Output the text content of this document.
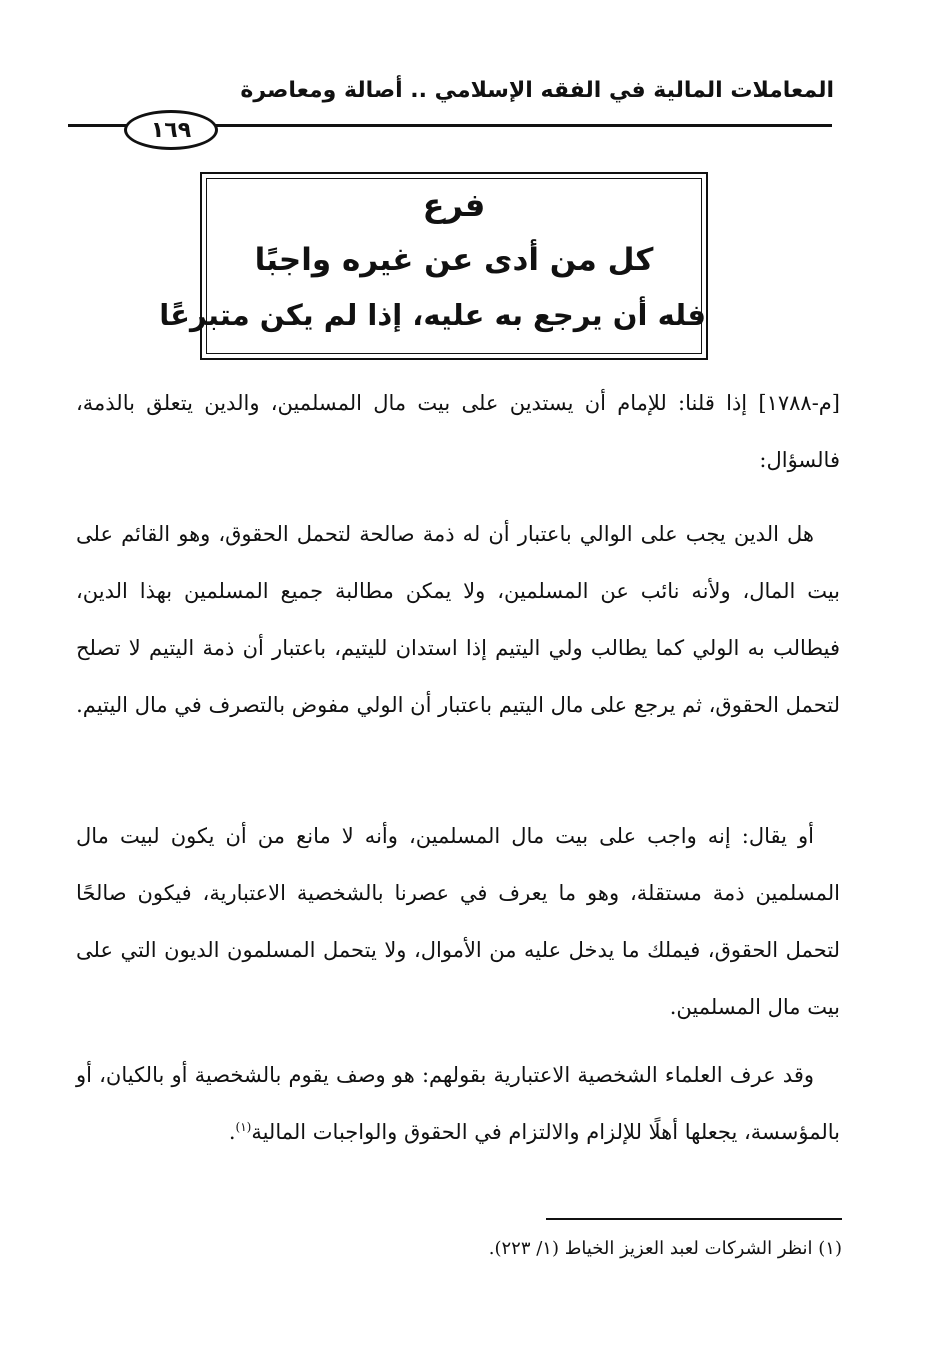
المعاملات المالية في الفقه الإسلامي .. أصالة ومعاصرة
١٦٩
فرع
كل من أدى عن غيره واجبًا
فله أن يرجع به عليه، إذا لم يكن متبرعًا
[م-١٧٨٨] إذا قلنا: للإمام أن يستدين على بيت مال المسلمين، والدين يتعلق بالذمة، فالسؤال:
هل الدين يجب على الوالي باعتبار أن له ذمة صالحة لتحمل الحقوق، وهو القائم على بيت المال، ولأنه نائب عن المسلمين، ولا يمكن مطالبة جميع المسلمين بهذا الدين، فيطالب به الولي كما يطالب ولي اليتيم إذا استدان لليتيم، باعتبار أن ذمة اليتيم لا تصلح لتحمل الحقوق، ثم يرجع على مال اليتيم باعتبار أن الولي مفوض بالتصرف في مال اليتيم.
أو يقال: إنه واجب على بيت مال المسلمين، وأنه لا مانع من أن يكون لبيت مال المسلمين ذمة مستقلة، وهو ما يعرف في عصرنا بالشخصية الاعتبارية، فيكون صالحًا لتحمل الحقوق، فيملك ما يدخل عليه من الأموال، ولا يتحمل المسلمون الديون التي على بيت مال المسلمين.
وقد عرف العلماء الشخصية الاعتبارية بقولهم: هو وصف يقوم بالشخصية أو بالكيان، أو بالمؤسسة، يجعلها أهلًا للإلزام والالتزام في الحقوق والواجبات المالية$^{(١)}$.
(١) انظر الشركات لعبد العزيز الخياط (١/ ٢٢٣).
